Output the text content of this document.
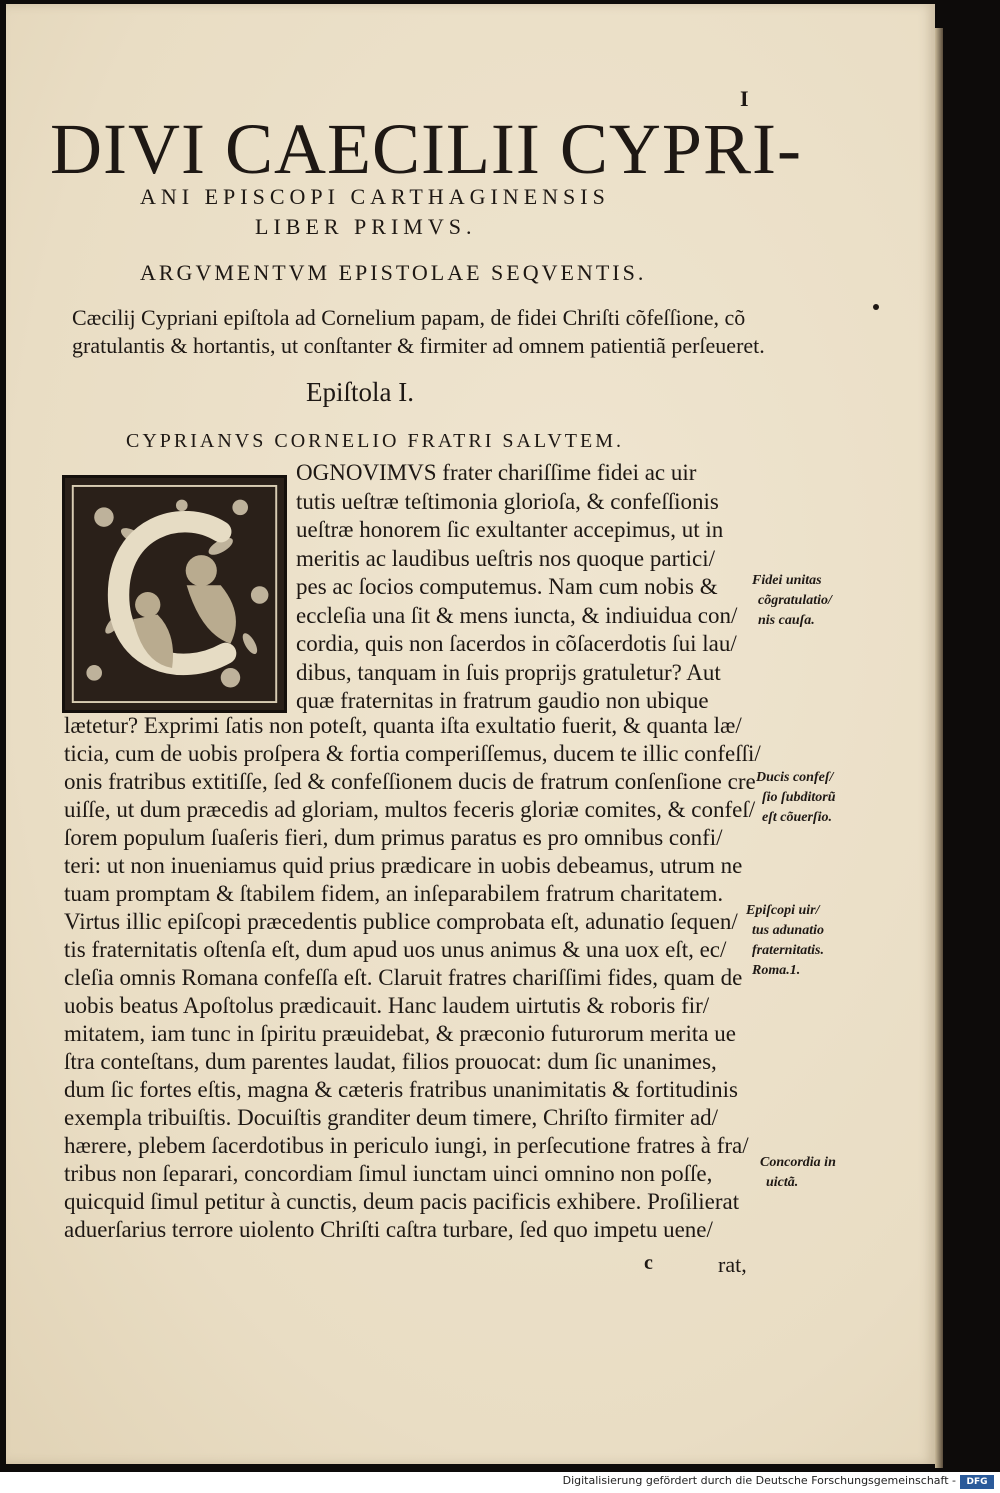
I
DIVI CAECILII CYPRI-
ANI EPISCOPI CARTHAGINENSIS
LIBER PRIMVS.
ARGVMENTVM EPISTOLAE SEQVENTIS.
Cæcilij Cypriani epiſtola ad Cornelium papam, de fidei Chriſti cõfeſſione, cõ
gratulantis & hortantis, ut conſtanter & firmiter ad omnem patientiã perſeueret.
Epiſtola I.
CYPRIANVS CORNELIO FRATRI SALVTEM.
OGNOVIMVS frater chariſſime fidei ac uir
tutis ueſtræ teſtimonia glorioſa, & confeſſionis
ueſtræ honorem ſic exultanter accepimus, ut in
meritis ac laudibus ueſtris nos quoque partici/
pes ac ſocios computemus. Nam cum nobis &
eccleſia una ſit & mens iuncta, & indiuidua con/
cordia, quis non ſacerdos in cõſacerdotis ſui lau/
dibus, tanquam in ſuis proprijs gratuletur? Aut
quæ fraternitas in fratrum gaudio non ubique
lætetur? Exprimi ſatis non poteſt, quanta iſta exultatio fuerit, & quanta læ/
ticia, cum de uobis proſpera & fortia comperiſſemus, ducem te illic confeſſi/
onis fratribus extitiſſe, ſed & confeſſionem ducis de fratrum conſenſione cre
uiſſe, ut dum præcedis ad gloriam, multos feceris gloriæ comites, & confeſ/
ſorem populum ſuaſeris fieri, dum primus paratus es pro omnibus confi/
teri: ut non inueniamus quid prius prædicare in uobis debeamus, utrum ne
tuam promptam & ſtabilem fidem, an inſeparabilem fratrum charitatem.
Virtus illic epiſcopi præcedentis publice comprobata eſt, adunatio ſequen/
tis fraternitatis oſtenſa eſt, dum apud uos unus animus & una uox eſt, ec/
cleſia omnis Romana confeſſa eſt. Claruit fratres chariſſimi fides, quam de
uobis beatus Apoſtolus prædicauit. Hanc laudem uirtutis & roboris fir/
mitatem, iam tunc in ſpiritu præuidebat, & præconio futurorum merita ue
ſtra conteſtans, dum parentes laudat, filios prouocat: dum ſic unanimes,
dum ſic fortes eſtis, magna & cæteris fratribus unanimitatis & fortitudinis
exempla tribuiſtis. Docuiſtis granditer deum timere, Chriſto firmiter ad/
hærere, plebem ſacerdotibus in periculo iungi, in perſecutione fratres à fra/
tribus non ſeparari, concordiam ſimul iunctam uinci omnino non poſſe,
quicquid ſimul petitur à cunctis, deum pacis pacificis exhibere. Proſilierat
aduerſarius terrore uiolento Chriſti caſtra turbare, ſed quo impetu uene/
Fidei unitas
cõgratulatio/
nis cauſa.
Ducis confeſ/
ſio ſubditorũ
eſt cõuerſio.
Epiſcopi uir/
tus adunatio
fraternitatis.
Roma.1.
Concordia in
uictã.
c	rat,
Digitalisierung gefördert durch die Deutsche Forschungsgemeinschaft -	DFG
